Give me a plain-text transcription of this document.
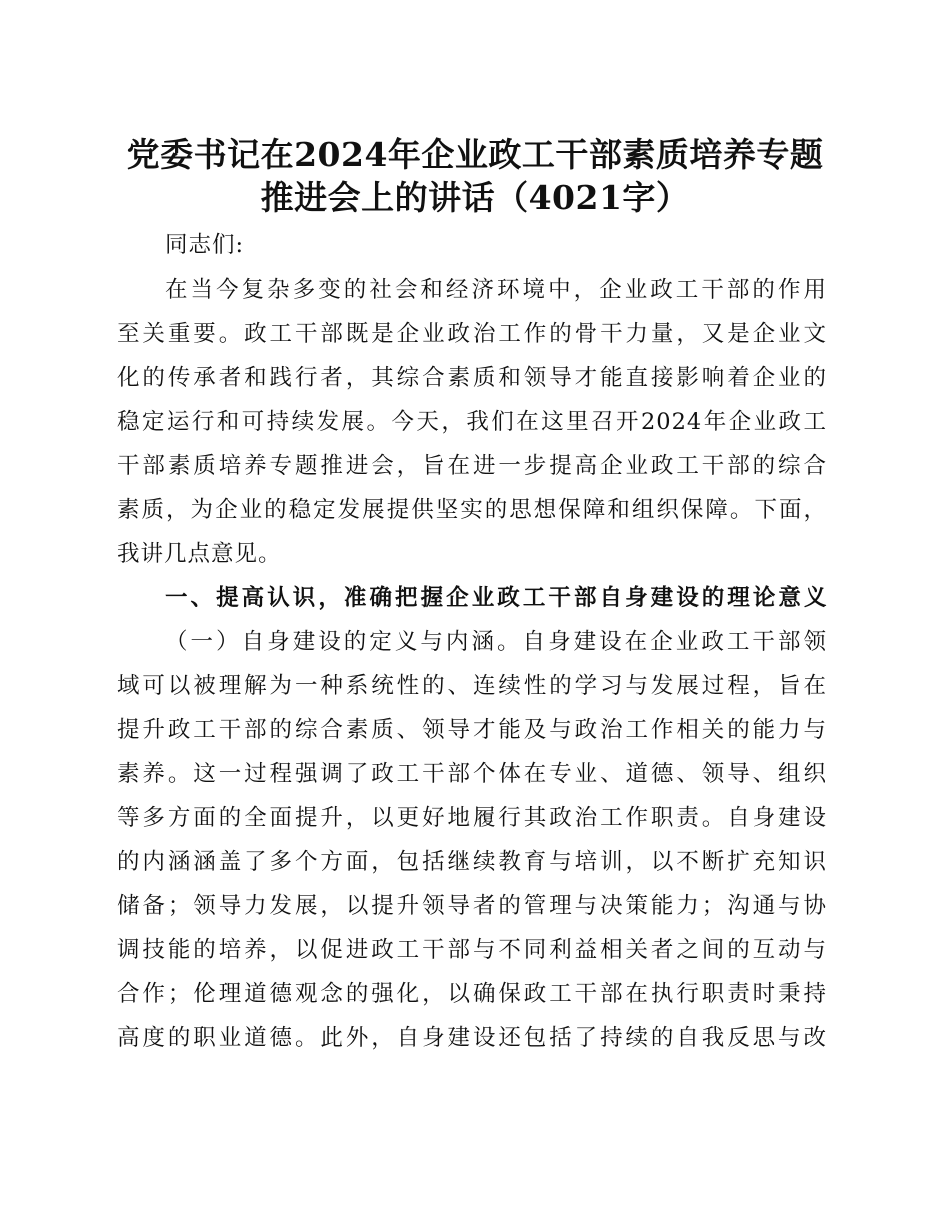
党委书记在2024年企业政工干部素质培养专题
推进会上的讲话（4021字）
同志们:
在当今复杂多变的社会和经济环境中，企业政工干部的作用
至关重要。政工干部既是企业政治工作的骨干力量，又是企业文
化的传承者和践行者，其综合素质和领导才能直接影响着企业的
稳定运行和可持续发展。今天，我们在这里召开2024年企业政工
干部素质培养专题推进会，旨在进一步提高企业政工干部的综合
素质，为企业的稳定发展提供坚实的思想保障和组织保障。下面，
我讲几点意见。
一、提高认识，准确把握企业政工干部自身建设的理论意义
（一）自身建设的定义与内涵。自身建设在企业政工干部领
域可以被理解为一种系统性的、连续性的学习与发展过程，旨在
提升政工干部的综合素质、领导才能及与政治工作相关的能力与
素养。这一过程强调了政工干部个体在专业、道德、领导、组织
等多方面的全面提升，以更好地履行其政治工作职责。自身建设
的内涵涵盖了多个方面，包括继续教育与培训，以不断扩充知识
储备；领导力发展，以提升领导者的管理与决策能力；沟通与协
调技能的培养，以促进政工干部与不同利益相关者之间的互动与
合作；伦理道德观念的强化，以确保政工干部在执行职责时秉持
高度的职业道德。此外，自身建设还包括了持续的自我反思与改
